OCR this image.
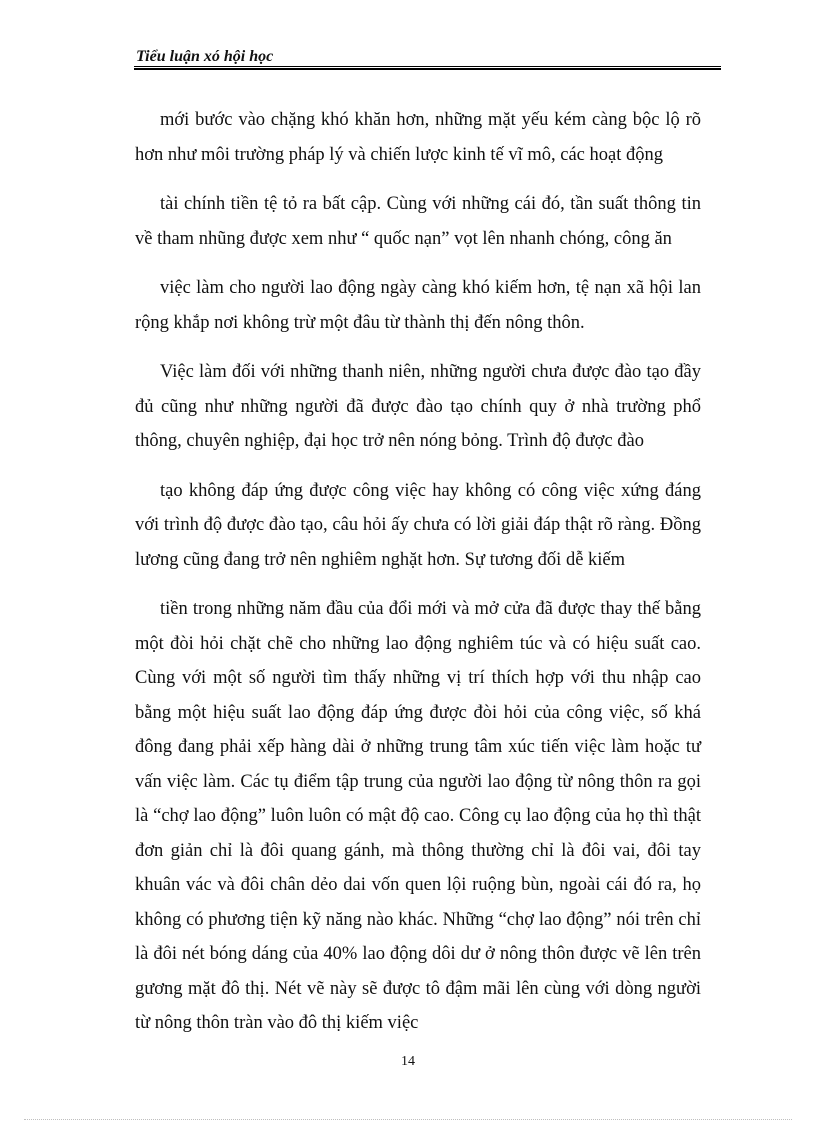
Tiểu luận xó hội học

mới bước vào chặng khó khăn hơn, những mặt yếu kém càng bộc lộ rõ hơn như môi trường pháp lý và chiến lược kinh tế vĩ mô, các hoạt động

tài chính tiền tệ tỏ ra bất cập. Cùng với những cái đó, tần suất thông tin về tham nhũng được xem như “ quốc nạn” vọt lên nhanh chóng, công ăn

việc làm cho người lao động ngày càng khó kiếm hơn, tệ nạn xã hội lan rộng khắp nơi không trừ một đâu từ thành thị đến nông thôn.

Việc làm đối với những thanh niên, những người chưa được đào tạo đầy đủ cũng như những người đã được đào tạo chính quy ở nhà trường phổ thông, chuyên nghiệp, đại học trở nên nóng bỏng. Trình độ được đào

tạo không đáp ứng được công việc hay không có công việc xứng đáng với trình độ được đào tạo, câu hỏi ấy chưa có lời giải đáp thật rõ ràng. Đồng lương cũng đang trở nên nghiêm nghặt hơn. Sự tương đối dễ kiếm

tiền trong những năm đầu của đổi mới và mở cửa đã được thay thế bằng một đòi hỏi chặt chẽ cho những lao động nghiêm túc và có hiệu suất cao. Cùng với một số người tìm thấy những vị trí thích hợp với thu nhập cao bằng một hiệu suất lao động đáp ứng được đòi hỏi của công việc, số khá đông đang phải xếp hàng dài ở những trung tâm xúc tiến việc làm hoặc tư vấn việc làm. Các tụ điểm tập trung của người lao động từ nông thôn ra gọi là “chợ lao động” luôn luôn có mật độ cao. Công cụ lao động của họ thì thật đơn giản chỉ là đôi quang gánh, mà thông thường chỉ là đôi vai, đôi tay khuân vác và đôi chân dẻo dai vốn quen lội ruộng bùn, ngoài cái đó ra, họ không có phương tiện kỹ năng nào khác. Những “chợ lao động” nói trên chỉ là đôi nét bóng dáng của 40% lao động dôi dư ở nông thôn được vẽ lên trên gương mặt đô thị. Nét vẽ này sẽ được tô đậm mãi lên cùng với dòng người từ nông thôn tràn vào đô thị kiếm việc

14
